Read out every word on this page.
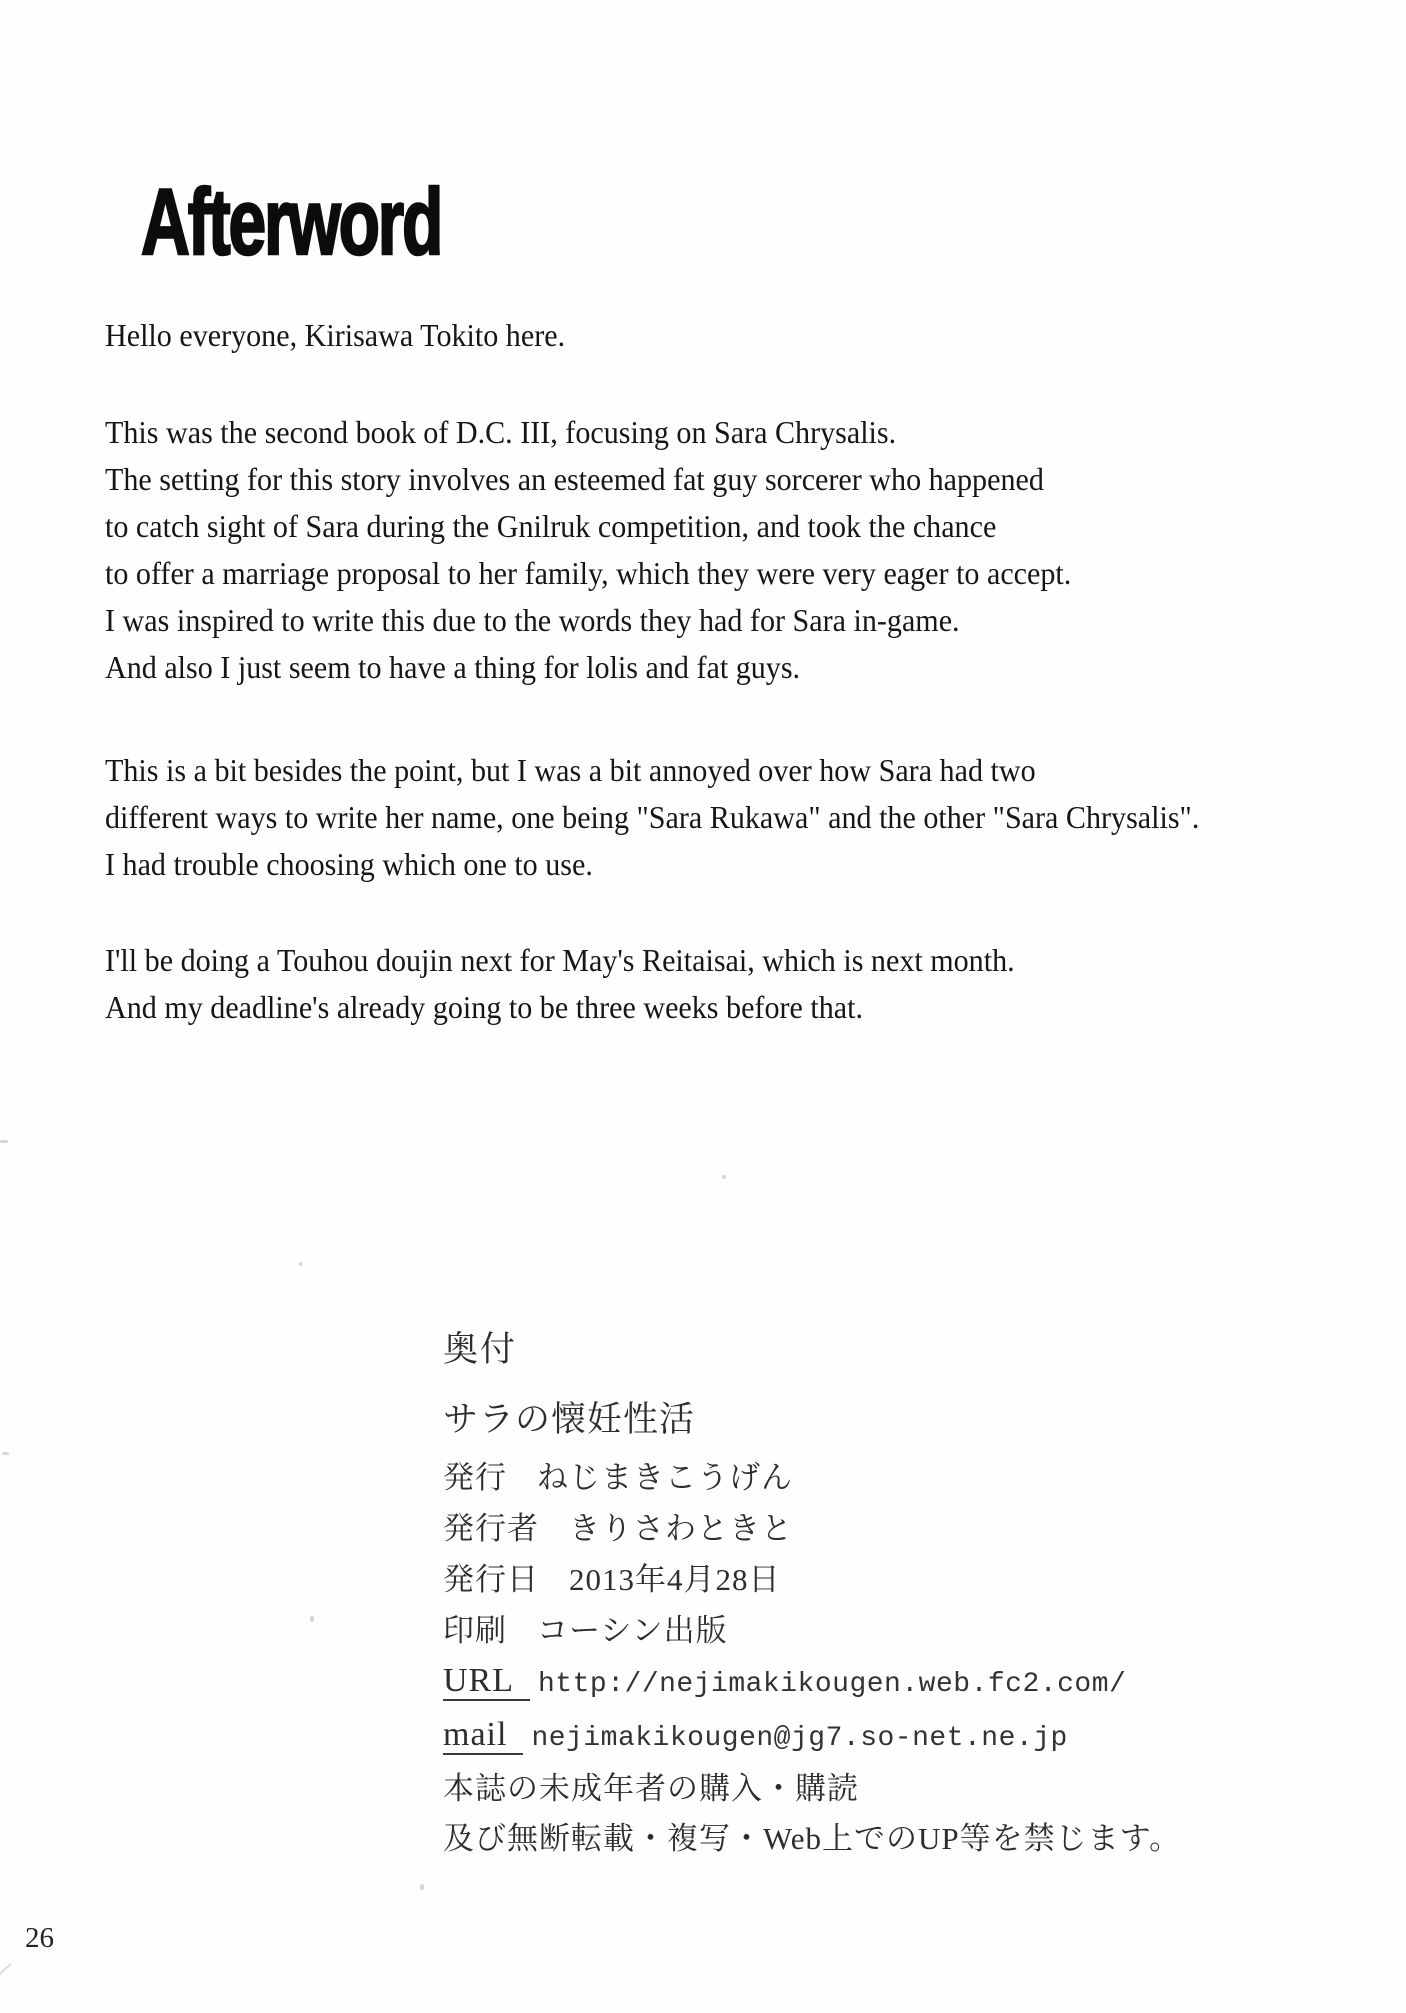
Afterword

Hello everyone, Kirisawa Tokito here.

This was the second book of D.C. III, focusing on Sara Chrysalis.
The setting for this story involves an esteemed fat guy sorcerer who happened
to catch sight of Sara during the Gnilruk competition, and took the chance
to offer a marriage proposal to her family, which they were very eager to accept.
I was inspired to write this due to the words they had for Sara in-game.
And also I just seem to have a thing for lolis and fat guys.

This is a bit besides the point, but I was a bit annoyed over how Sara had two
different ways to write her name, one being "Sara Rukawa" and the other "Sara Chrysalis".
I had trouble choosing which one to use.

I'll be doing a Touhou doujin next for May's Reitaisai, which is next month.
And my deadline's already going to be three weeks before that.

奥付
サラの懐妊性活
発行 ねじまきこうげん
発行者 きりさわときと
発行日 2013年4月28日
印刷 コーシン出版
URL http://nejimakikougen.web.fc2.com/
mail nejimakikougen@jg7.so-net.ne.jp
本誌の未成年者の購入・購読
及び無断転載・複写・Web上でのUP等を禁じます。
26
